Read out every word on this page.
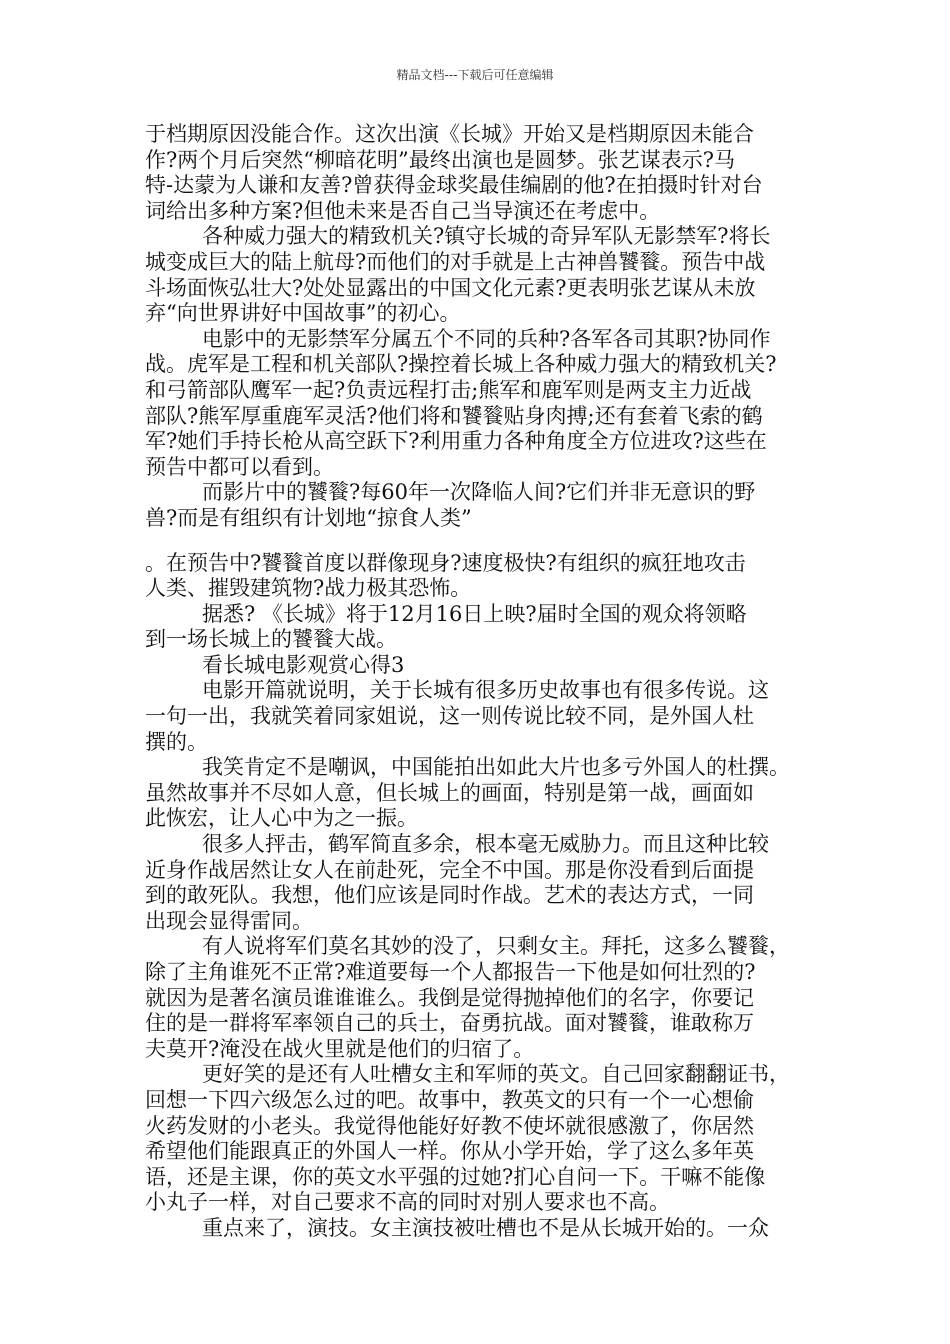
精品文档---下载后可任意编辑
于档期原因没能合作。这次出演《长城》开始又是档期原因未能合
作?两个月后突然“柳暗花明”最终出演也是圆梦。张艺谋表示?马
特-达蒙为人谦和友善?曾获得金球奖最佳编剧的他?在拍摄时针对台
词给出多种方案?但他未来是否自己当导演还在考虑中。
各种威力强大的精致机关?镇守长城的奇异军队无影禁军?将长
城变成巨大的陆上航母?而他们的对手就是上古神兽饕餮。预告中战
斗场面恢弘壮大?处处显露出的中国文化元素?更表明张艺谋从未放
弃“向世界讲好中国故事”的初心。
电影中的无影禁军分属五个不同的兵种?各军各司其职?协同作
战。虎军是工程和机关部队?操控着长城上各种威力强大的精致机关?
和弓箭部队鹰军一起?负责远程打击;熊军和鹿军则是两支主力近战
部队?熊军厚重鹿军灵活?他们将和饕餮贴身肉搏;还有套着飞索的鹤
军?她们手持长枪从高空跃下?利用重力各种角度全方位进攻?这些在
预告中都可以看到。
而影片中的饕餮?每60年一次降临人间?它们并非无意识的野
兽?而是有组织有计划地“掠食人类”
。在预告中?饕餮首度以群像现身?速度极快?有组织的疯狂地攻击
人类、摧毁建筑物?战力极其恐怖。
据悉? 《长城》将于12月16日上映?届时全国的观众将领略
到一场长城上的饕餮大战。
看长城电影观赏心得3
电影开篇就说明，关于长城有很多历史故事也有很多传说。这
一句一出，我就笑着同家姐说，这一则传说比较不同，是外国人杜
撰的。
我笑肯定不是嘲讽，中国能拍出如此大片也多亏外国人的杜撰。
虽然故事并不尽如人意，但长城上的画面，特别是第一战，画面如
此恢宏，让人心中为之一振。
很多人抨击，鹤军简直多余，根本毫无威胁力。而且这种比较
近身作战居然让女人在前赴死，完全不中国。那是你没看到后面提
到的敢死队。我想，他们应该是同时作战。艺术的表达方式，一同
出现会显得雷同。
有人说将军们莫名其妙的没了，只剩女主。拜托，这多么饕餮，
除了主角谁死不正常?难道要每一个人都报告一下他是如何壮烈的?
就因为是著名演员谁谁谁么。我倒是觉得抛掉他们的名字，你要记
住的是一群将军率领自己的兵士，奋勇抗战。面对饕餮，谁敢称万
夫莫开?淹没在战火里就是他们的归宿了。
更好笑的是还有人吐槽女主和军师的英文。自己回家翻翻证书，
回想一下四六级怎么过的吧。故事中，教英文的只有一个一心想偷
火药发财的小老头。我觉得他能好好教不使坏就很感激了，你居然
希望他们能跟真正的外国人一样。你从小学开始，学了这么多年英
语，还是主课，你的英文水平强的过她?扪心自问一下。干嘛不能像
小丸子一样，对自己要求不高的同时对别人要求也不高。
重点来了，演技。女主演技被吐槽也不是从长城开始的。一众
